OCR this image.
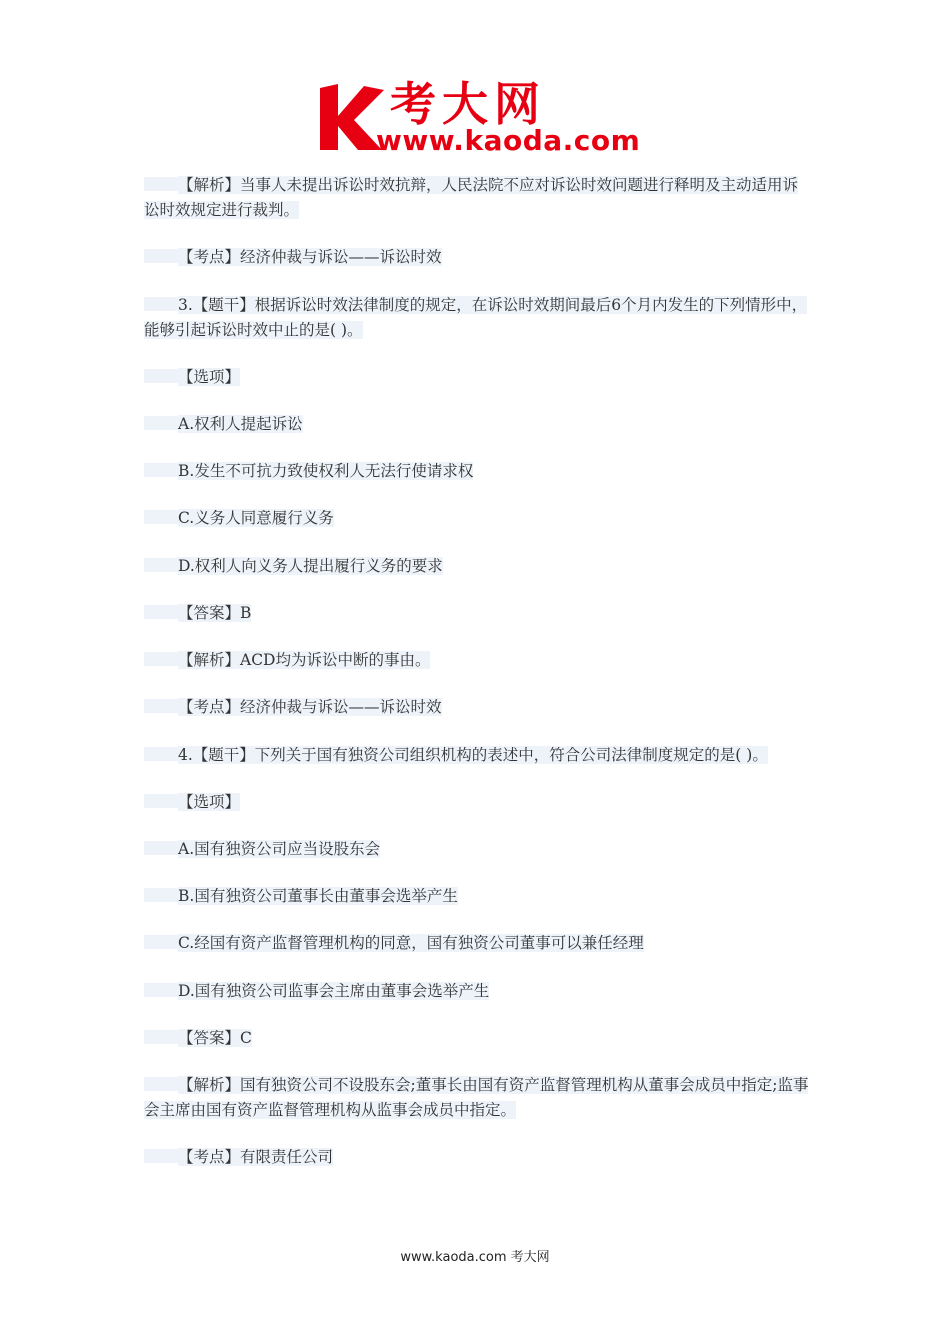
考大网
www.kaoda.com

【解析】当事人未提出诉讼时效抗辩，人民法院不应对诉讼时效问题进行释明及主动适用诉讼时效规定进行裁判。

【考点】经济仲裁与诉讼——诉讼时效

3.【题干】根据诉讼时效法律制度的规定，在诉讼时效期间最后6个月内发生的下列情形中，能够引起诉讼时效中止的是( )。

【选项】

A.权利人提起诉讼

B.发生不可抗力致使权利人无法行使请求权

C.义务人同意履行义务

D.权利人向义务人提出履行义务的要求

【答案】B

【解析】ACD均为诉讼中断的事由。

【考点】经济仲裁与诉讼——诉讼时效

4.【题干】下列关于国有独资公司组织机构的表述中，符合公司法律制度规定的是( )。

【选项】

A.国有独资公司应当设股东会

B.国有独资公司董事长由董事会选举产生

C.经国有资产监督管理机构的同意，国有独资公司董事可以兼任经理

D.国有独资公司监事会主席由董事会选举产生

【答案】C

【解析】国有独资公司不设股东会;董事长由国有资产监督管理机构从董事会成员中指定;监事会主席由国有资产监督管理机构从监事会成员中指定。

【考点】有限责任公司

www.kaoda.com 考大网
